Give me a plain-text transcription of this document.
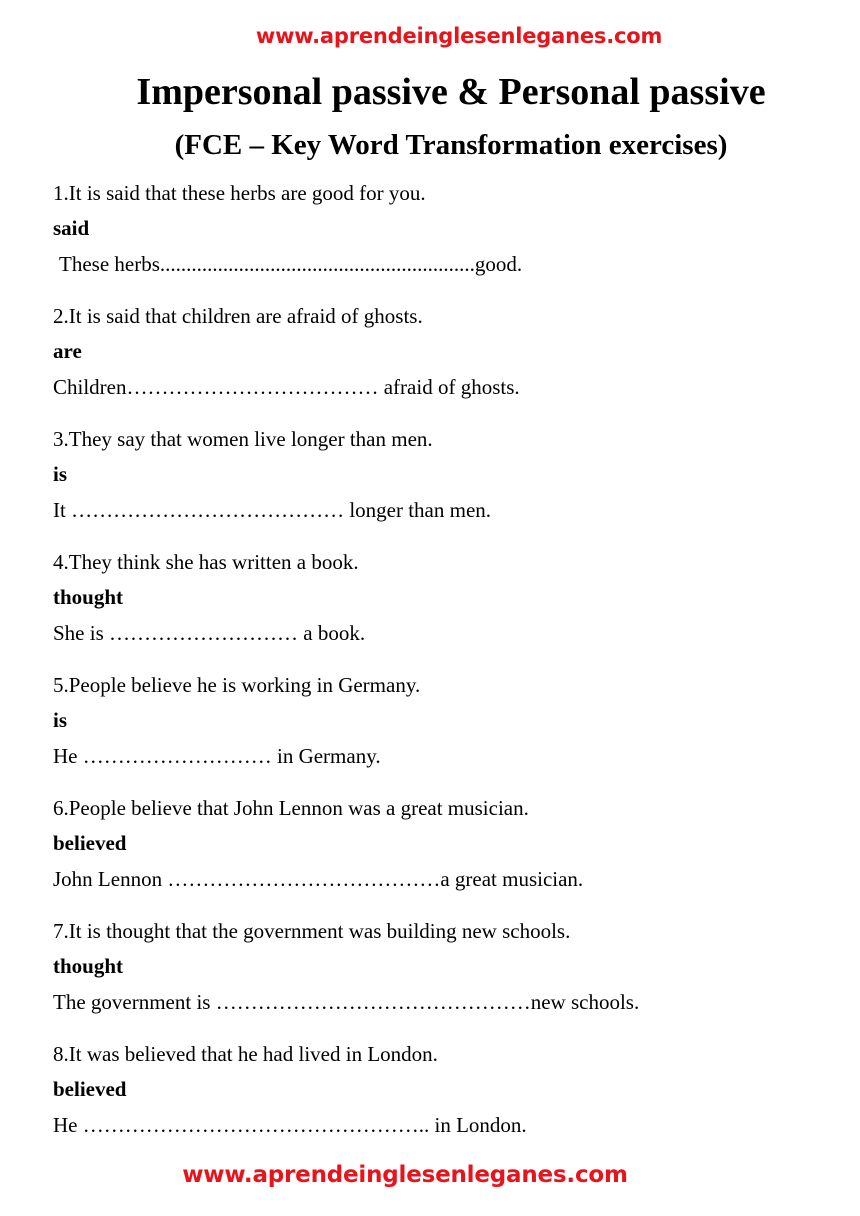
www.aprendeinglesenleganes.com
Impersonal passive & Personal passive
(FCE – Key Word Transformation exercises)
1.It is said that these herbs are good for you.
said
These herbs............................................................good.
2.It is said that children are afraid of ghosts.
are
Children……………………………… afraid of ghosts.
3.They say that women live longer than men.
is
It ………………………………… longer than men.
4.They think she has written a book.
thought
She is ……………………… a book.
5.People believe he is working in Germany.
is
He ……………………… in Germany.
6.People believe that John Lennon was a great musician.
believed
John Lennon …………………………………a great musician.
7.It is thought that the government was building new schools.
thought
The government is ………………………………………new schools.
8.It was believed that he had lived in London.
believed
He ………………………………………….. in London.
www.aprendeinglesenleganes.com
